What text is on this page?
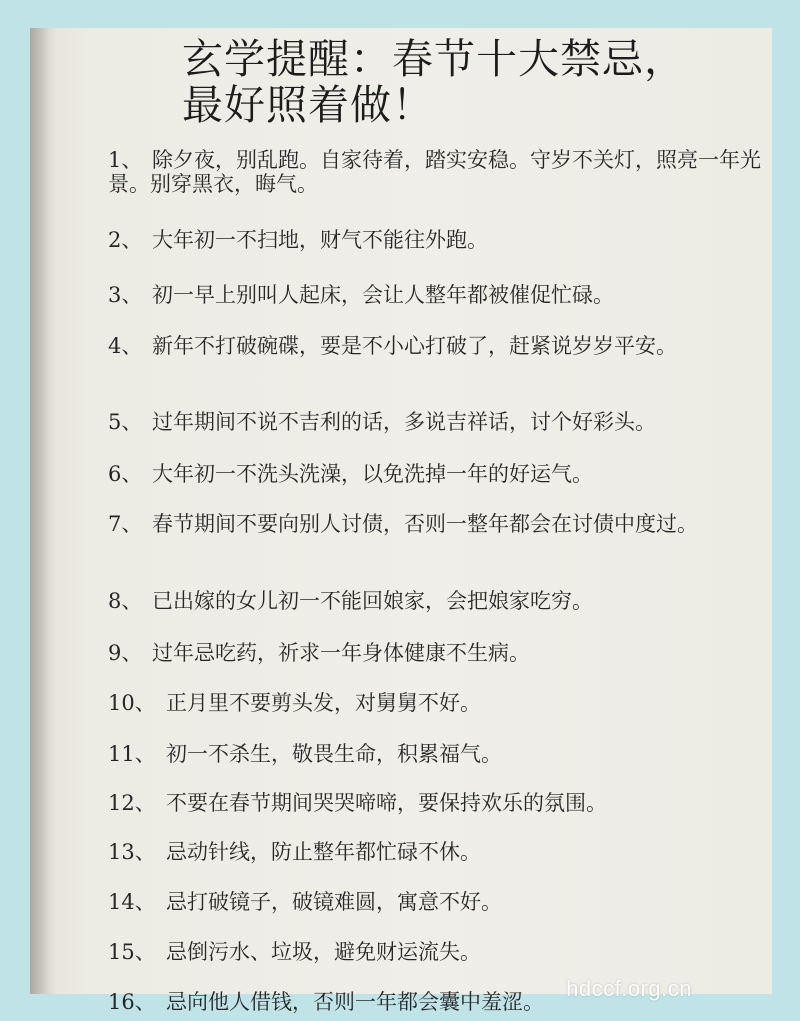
玄学提醒：春节十大禁忌，
最好照着做！
1、 除夕夜，别乱跑。自家待着，踏实安稳。守岁不关灯，照亮一年光景。别穿黑衣，晦气。
2、 大年初一不扫地，财气不能往外跑。
3、 初一早上别叫人起床，会让人整年都被催促忙碌。
4、 新年不打破碗碟，要是不小心打破了，赶紧说岁岁平安。
5、 过年期间不说不吉利的话，多说吉祥话，讨个好彩头。
6、 大年初一不洗头洗澡，以免洗掉一年的好运气。
7、 春节期间不要向别人讨债，否则一整年都会在讨债中度过。
8、 已出嫁的女儿初一不能回娘家，会把娘家吃穷。
9、 过年忌吃药，祈求一年身体健康不生病。
10、 正月里不要剪头发，对舅舅不好。
11、 初一不杀生，敬畏生命，积累福气。
12、 不要在春节期间哭哭啼啼，要保持欢乐的氛围。
13、 忌动针线，防止整年都忙碌不休。
14、 忌打破镜子，破镜难圆，寓意不好。
15、 忌倒污水、垃圾，避免财运流失。
16、 忌向他人借钱，否则一年都会囊中羞涩。
hdccf.org.cn
